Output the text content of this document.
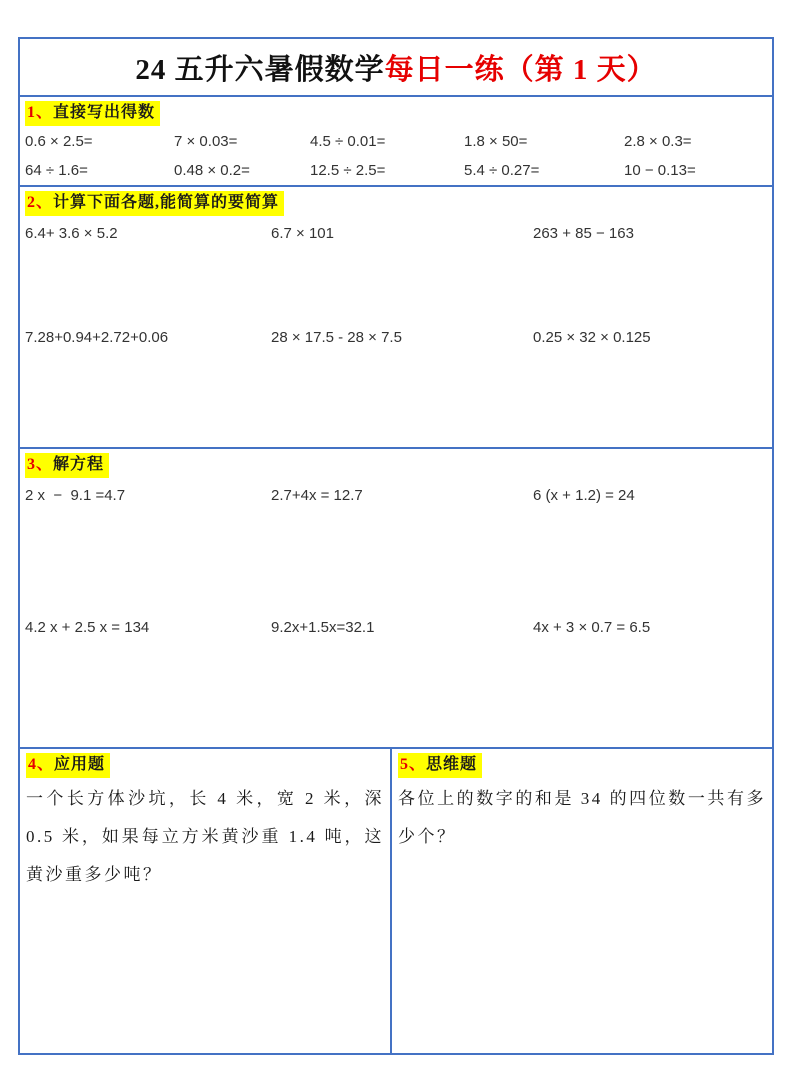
24 五升六暑假数学 每日一练（第 1 天）
1、直接写出得数
0.6 × 2.5=	7 × 0.03=	4.5 ÷ 0.01=	1.8 × 50=	2.8 × 0.3=
64 ÷ 1.6=	0.48 × 0.2=	12.5 ÷ 2.5=	5.4 ÷ 0.27=	10 − 0.13=
2、计算下面各题,能简算的要简算
6.4+ 3.6 × 5.2	6.7 × 101	263 + 85 − 163
7.28+0.94+2.72+0.06	28 × 17.5 - 28 × 7.5	0.25 × 32 × 0.125
3、解方程
2 x  −  9.1 =4.7	2.7+4x = 12.7	6 (x + 1.2) = 24
4.2 x + 2.5 x = 134	9.2x+1.5x=32.1	4x + 3 × 0.7 = 6.5
4、应用题

一个长方体沙坑，长 4 米，宽 2 米，深 0.5 米，如果每立方米黄沙重 1.4 吨，这黄沙重多少吨？

5、思维题

各位上的数字的和是 34 的四位数一共有多少个？
